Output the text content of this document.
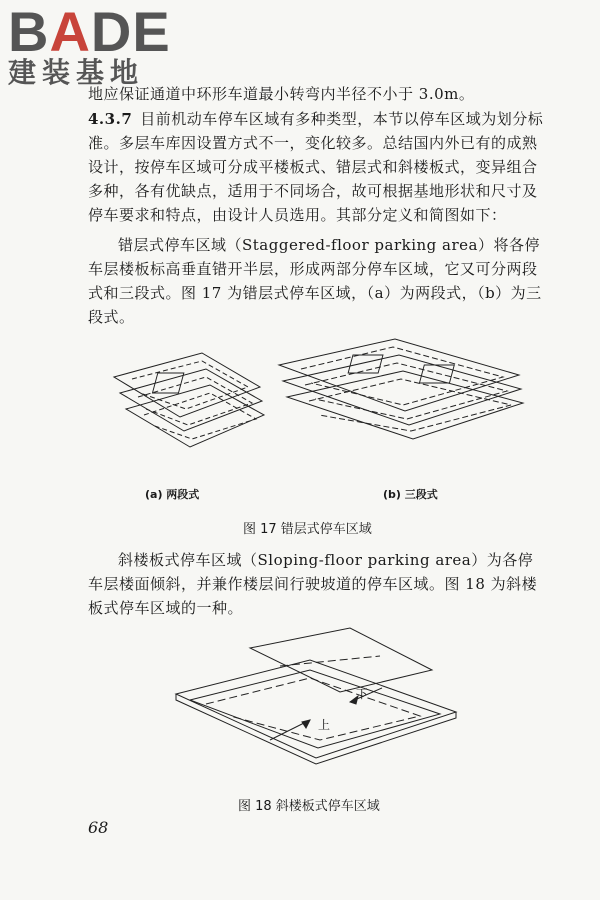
BADE
建装基地
地应保证通道中环形车道最小转弯内半径不小于 3.0m。
4.3.7 目前机动车停车区域有多种类型，本节以停车区域为划分标准。多层车库因设置方式不一，变化较多。总结国内外已有的成熟设计，按停车区域可分成平楼板式、错层式和斜楼板式，变异组合多种，各有优缺点，适用于不同场合，故可根据基地形状和尺寸及停车要求和特点，由设计人员选用。其部分定义和简图如下：
错层式停车区域（Staggered-floor parking area）将各停车层楼板标高垂直错开半层，形成两部分停车区域，它又可分两段式和三段式。图 17 为错层式停车区域，（a）为两段式，（b）为三段式。
(a) 两段式	(b) 三段式
图 17 错层式停车区域
斜楼板式停车区域（Sloping-floor parking area）为各停车层楼面倾斜，并兼作楼层间行驶坡道的停车区域。图 18 为斜楼板式停车区域的一种。
下
上
图 18 斜楼板式停车区域
68
